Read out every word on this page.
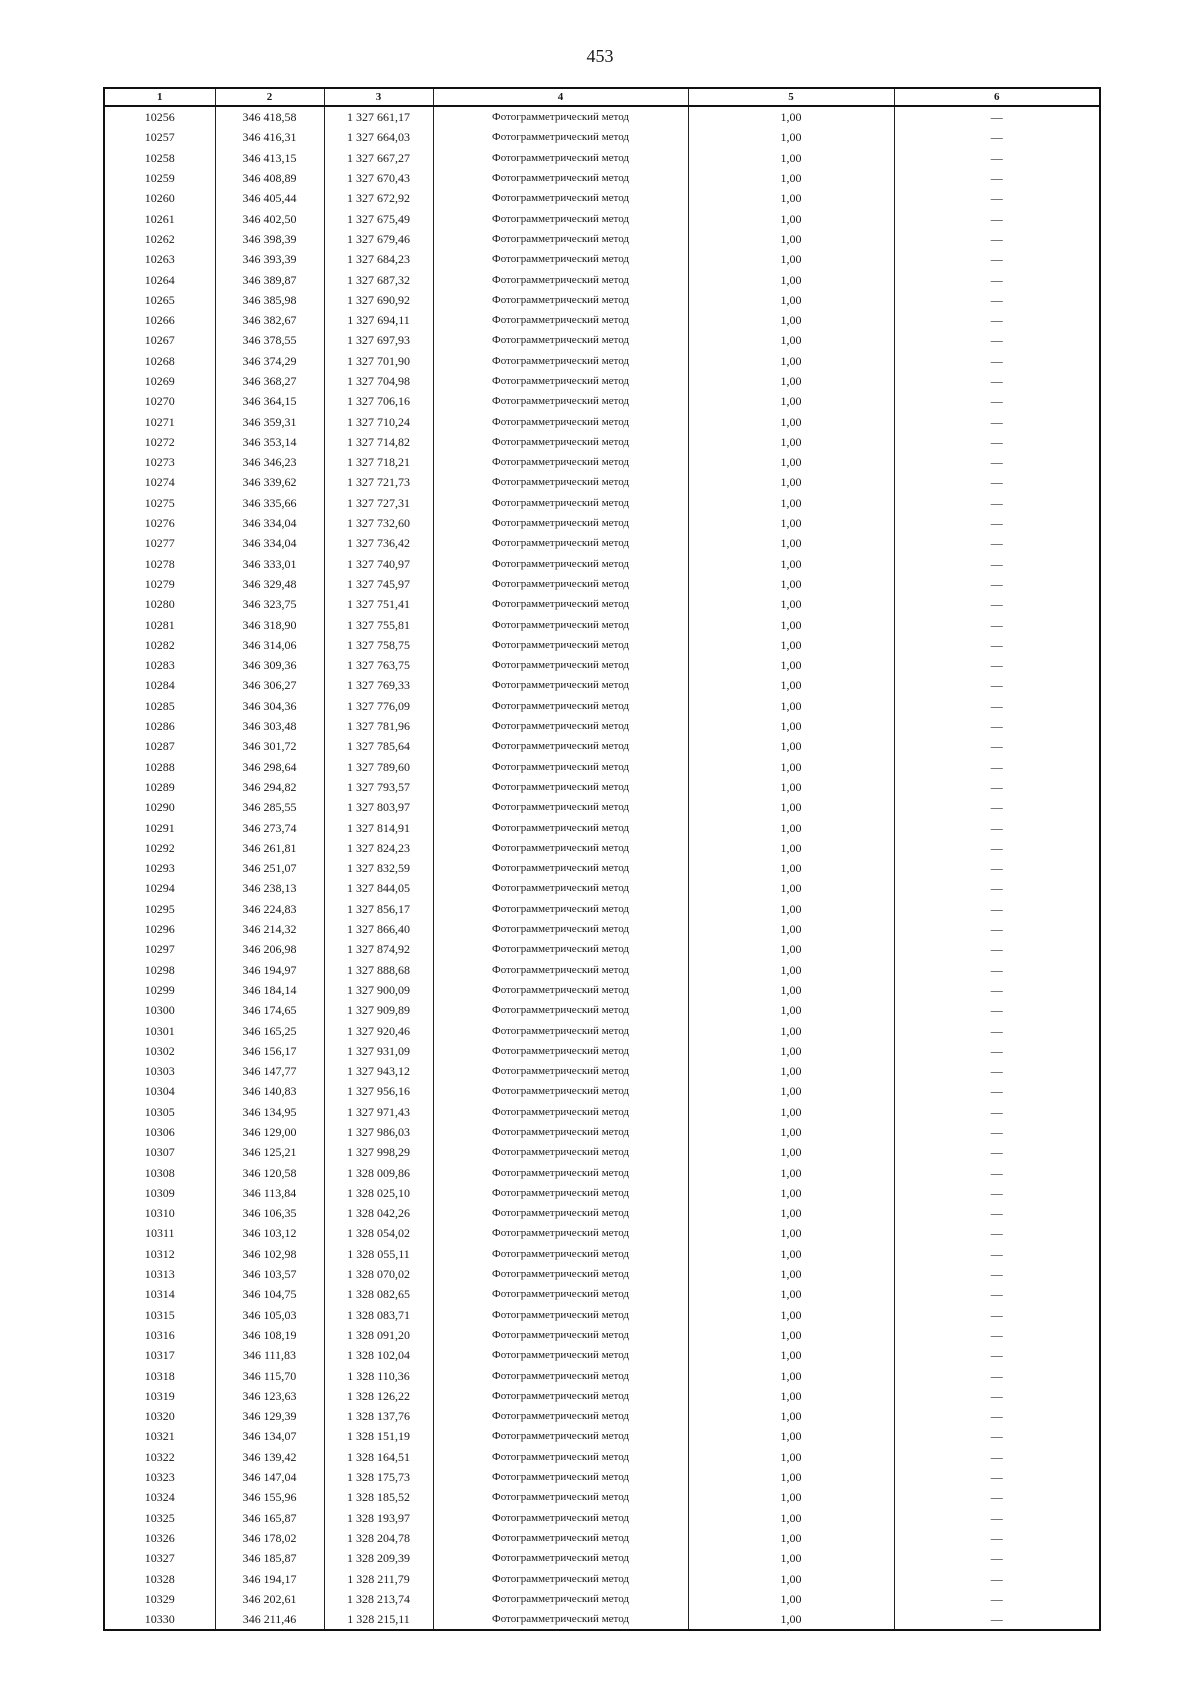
453
1	2	3	4	5	6
10256	346 418,58	1 327 661,17	Фотограмметрический метод	1,00	—
10257	346 416,31	1 327 664,03	Фотограмметрический метод	1,00	—
10258	346 413,15	1 327 667,27	Фотограмметрический метод	1,00	—
10259	346 408,89	1 327 670,43	Фотограмметрический метод	1,00	—
10260	346 405,44	1 327 672,92	Фотограмметрический метод	1,00	—
10261	346 402,50	1 327 675,49	Фотограмметрический метод	1,00	—
10262	346 398,39	1 327 679,46	Фотограмметрический метод	1,00	—
10263	346 393,39	1 327 684,23	Фотограмметрический метод	1,00	—
10264	346 389,87	1 327 687,32	Фотограмметрический метод	1,00	—
10265	346 385,98	1 327 690,92	Фотограмметрический метод	1,00	—
10266	346 382,67	1 327 694,11	Фотограмметрический метод	1,00	—
10267	346 378,55	1 327 697,93	Фотограмметрический метод	1,00	—
10268	346 374,29	1 327 701,90	Фотограмметрический метод	1,00	—
10269	346 368,27	1 327 704,98	Фотограмметрический метод	1,00	—
10270	346 364,15	1 327 706,16	Фотограмметрический метод	1,00	—
10271	346 359,31	1 327 710,24	Фотограмметрический метод	1,00	—
10272	346 353,14	1 327 714,82	Фотограмметрический метод	1,00	—
10273	346 346,23	1 327 718,21	Фотограмметрический метод	1,00	—
10274	346 339,62	1 327 721,73	Фотограмметрический метод	1,00	—
10275	346 335,66	1 327 727,31	Фотограмметрический метод	1,00	—
10276	346 334,04	1 327 732,60	Фотограмметрический метод	1,00	—
10277	346 334,04	1 327 736,42	Фотограмметрический метод	1,00	—
10278	346 333,01	1 327 740,97	Фотограмметрический метод	1,00	—
10279	346 329,48	1 327 745,97	Фотограмметрический метод	1,00	—
10280	346 323,75	1 327 751,41	Фотограмметрический метод	1,00	—
10281	346 318,90	1 327 755,81	Фотограмметрический метод	1,00	—
10282	346 314,06	1 327 758,75	Фотограмметрический метод	1,00	—
10283	346 309,36	1 327 763,75	Фотограмметрический метод	1,00	—
10284	346 306,27	1 327 769,33	Фотограмметрический метод	1,00	—
10285	346 304,36	1 327 776,09	Фотограмметрический метод	1,00	—
10286	346 303,48	1 327 781,96	Фотограмметрический метод	1,00	—
10287	346 301,72	1 327 785,64	Фотограмметрический метод	1,00	—
10288	346 298,64	1 327 789,60	Фотограмметрический метод	1,00	—
10289	346 294,82	1 327 793,57	Фотограмметрический метод	1,00	—
10290	346 285,55	1 327 803,97	Фотограмметрический метод	1,00	—
10291	346 273,74	1 327 814,91	Фотограмметрический метод	1,00	—
10292	346 261,81	1 327 824,23	Фотограмметрический метод	1,00	—
10293	346 251,07	1 327 832,59	Фотограмметрический метод	1,00	—
10294	346 238,13	1 327 844,05	Фотограмметрический метод	1,00	—
10295	346 224,83	1 327 856,17	Фотограмметрический метод	1,00	—
10296	346 214,32	1 327 866,40	Фотограмметрический метод	1,00	—
10297	346 206,98	1 327 874,92	Фотограмметрический метод	1,00	—
10298	346 194,97	1 327 888,68	Фотограмметрический метод	1,00	—
10299	346 184,14	1 327 900,09	Фотограмметрический метод	1,00	—
10300	346 174,65	1 327 909,89	Фотограмметрический метод	1,00	—
10301	346 165,25	1 327 920,46	Фотограмметрический метод	1,00	—
10302	346 156,17	1 327 931,09	Фотограмметрический метод	1,00	—
10303	346 147,77	1 327 943,12	Фотограмметрический метод	1,00	—
10304	346 140,83	1 327 956,16	Фотограмметрический метод	1,00	—
10305	346 134,95	1 327 971,43	Фотограмметрический метод	1,00	—
10306	346 129,00	1 327 986,03	Фотограмметрический метод	1,00	—
10307	346 125,21	1 327 998,29	Фотограмметрический метод	1,00	—
10308	346 120,58	1 328 009,86	Фотограмметрический метод	1,00	—
10309	346 113,84	1 328 025,10	Фотограмметрический метод	1,00	—
10310	346 106,35	1 328 042,26	Фотограмметрический метод	1,00	—
10311	346 103,12	1 328 054,02	Фотограмметрический метод	1,00	—
10312	346 102,98	1 328 055,11	Фотограмметрический метод	1,00	—
10313	346 103,57	1 328 070,02	Фотограмметрический метод	1,00	—
10314	346 104,75	1 328 082,65	Фотограмметрический метод	1,00	—
10315	346 105,03	1 328 083,71	Фотограмметрический метод	1,00	—
10316	346 108,19	1 328 091,20	Фотограмметрический метод	1,00	—
10317	346 111,83	1 328 102,04	Фотограмметрический метод	1,00	—
10318	346 115,70	1 328 110,36	Фотограмметрический метод	1,00	—
10319	346 123,63	1 328 126,22	Фотограмметрический метод	1,00	—
10320	346 129,39	1 328 137,76	Фотограмметрический метод	1,00	—
10321	346 134,07	1 328 151,19	Фотограмметрический метод	1,00	—
10322	346 139,42	1 328 164,51	Фотограмметрический метод	1,00	—
10323	346 147,04	1 328 175,73	Фотограмметрический метод	1,00	—
10324	346 155,96	1 328 185,52	Фотограмметрический метод	1,00	—
10325	346 165,87	1 328 193,97	Фотограмметрический метод	1,00	—
10326	346 178,02	1 328 204,78	Фотограмметрический метод	1,00	—
10327	346 185,87	1 328 209,39	Фотограмметрический метод	1,00	—
10328	346 194,17	1 328 211,79	Фотограмметрический метод	1,00	—
10329	346 202,61	1 328 213,74	Фотограмметрический метод	1,00	—
10330	346 211,46	1 328 215,11	Фотограмметрический метод	1,00	—
